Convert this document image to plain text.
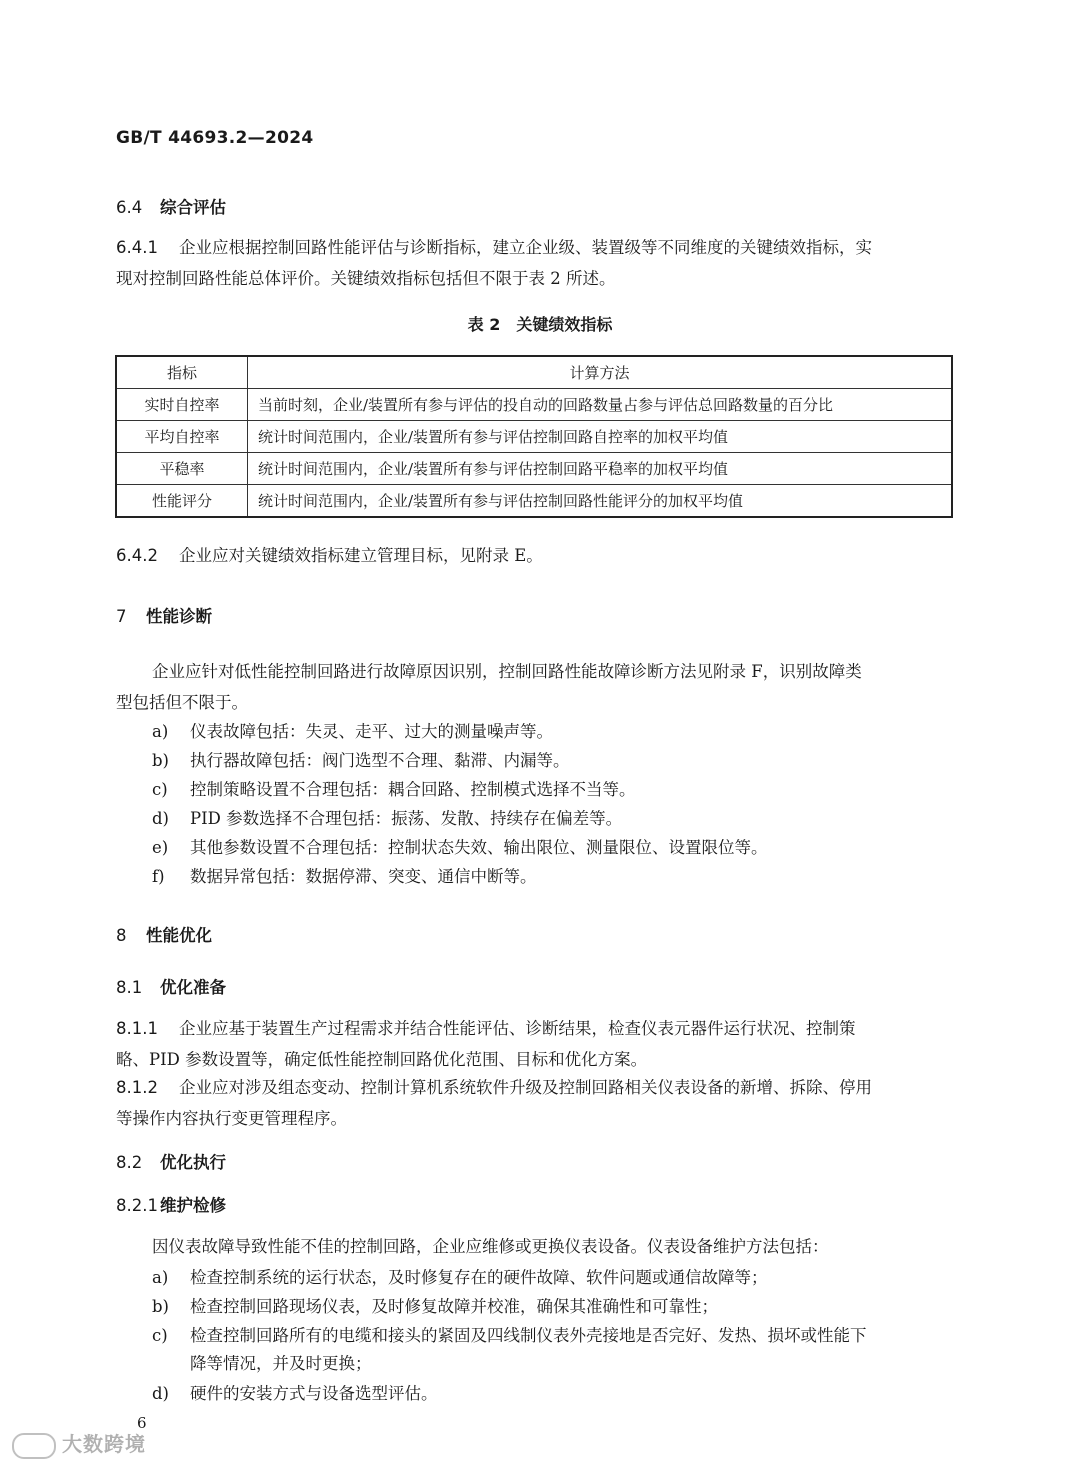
GB/T 44693.2—2024
6.4 综合评估
6.4.1 企业应根据控制回路性能评估与诊断指标，建立企业级、装置级等不同维度的关键绩效指标，实
现对控制回路性能总体评价。关键绩效指标包括但不限于表 2 所述。
表 2　关键绩效指标
指标	计算方法
实时自控率	当前时刻，企业/装置所有参与评估的投自动的回路数量占参与评估总回路数量的百分比
平均自控率	统计时间范围内，企业/装置所有参与评估控制回路自控率的加权平均值
平稳率	统计时间范围内，企业/装置所有参与评估控制回路平稳率的加权平均值
性能评分	统计时间范围内，企业/装置所有参与评估控制回路性能评分的加权平均值
6.4.2 企业应对关键绩效指标建立管理目标，见附录 E。
7 性能诊断
企业应针对低性能控制回路进行故障原因识别，控制回路性能故障诊断方法见附录 F，识别故障类
型包括但不限于。
a) 仪表故障包括：失灵、走平、过大的测量噪声等。
b) 执行器故障包括：阀门选型不合理、黏滞、内漏等。
c) 控制策略设置不合理包括：耦合回路、控制模式选择不当等。
d) PID 参数选择不合理包括：振荡、发散、持续存在偏差等。
e) 其他参数设置不合理包括：控制状态失效、输出限位、测量限位、设置限位等。
f) 数据异常包括：数据停滞、突变、通信中断等。
8 性能优化
8.1 优化准备
8.1.1 企业应基于装置生产过程需求并结合性能评估、诊断结果，检查仪表元器件运行状况、控制策
略、PID 参数设置等，确定低性能控制回路优化范围、目标和优化方案。
8.1.2 企业应对涉及组态变动、控制计算机系统软件升级及控制回路相关仪表设备的新增、拆除、停用
等操作内容执行变更管理程序。
8.2 优化执行
8.2.1 维护检修
因仪表故障导致性能不佳的控制回路，企业应维修或更换仪表设备。仪表设备维护方法包括：
a) 检查控制系统的运行状态，及时修复存在的硬件故障、软件问题或通信故障等；
b) 检查控制回路现场仪表，及时修复故障并校准，确保其准确性和可靠性；
c) 检查控制回路所有的电缆和接头的紧固及四线制仪表外壳接地是否完好、发热、损坏或性能下
降等情况，并及时更换；
d) 硬件的安装方式与设备选型评估。
6
大数跨境
